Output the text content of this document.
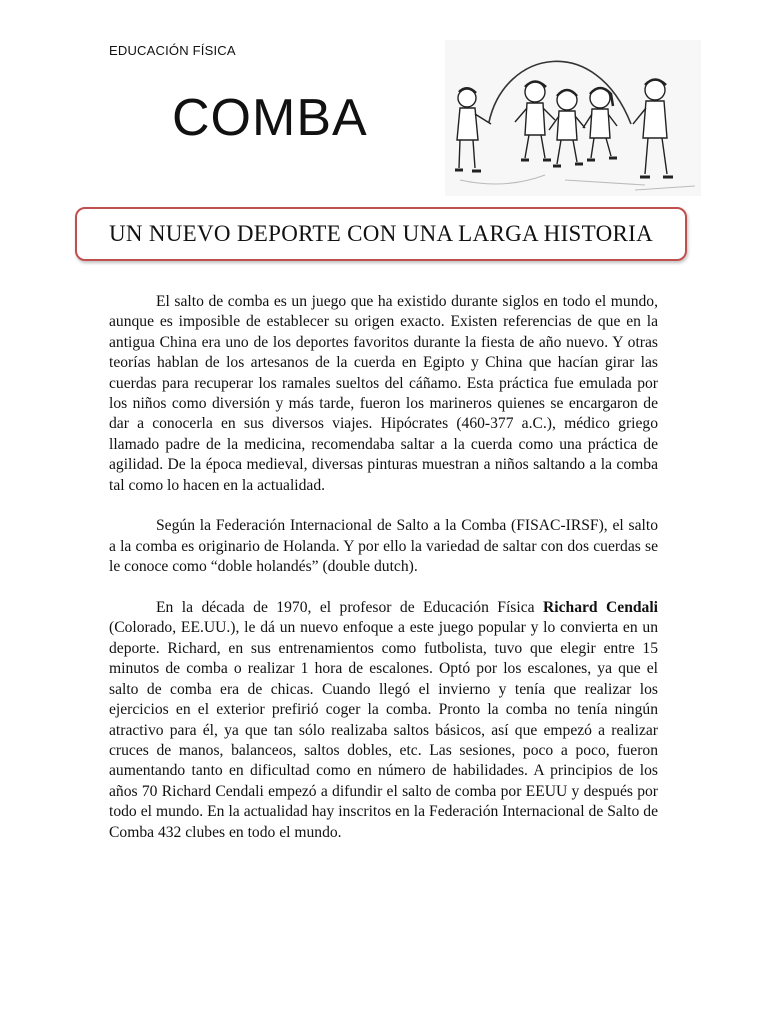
EDUCACIÓN FÍSICA
COMBA
UN NUEVO DEPORTE CON UNA LARGA HISTORIA

El salto de comba es un juego que ha existido durante siglos en todo el mundo, aunque es imposible de establecer su origen exacto. Existen referencias de que en la antigua China era uno de los deportes favoritos durante la fiesta de año nuevo. Y otras teorías hablan de los artesanos de la cuerda en Egipto y China que hacían girar las cuerdas para recuperar los ramales sueltos del cáñamo. Esta práctica fue emulada por los niños como diversión y más tarde, fueron los marineros quienes se encargaron de dar a conocerla en sus diversos viajes. Hipócrates (460-377 a.C.), médico griego llamado padre de la medicina, recomendaba saltar a la cuerda como una práctica de agilidad. De la época medieval, diversas pinturas muestran a niños saltando a la comba tal como lo hacen en la actualidad.

Según la Federación Internacional de Salto a la Comba (FISAC-IRSF), el salto a la comba es originario de Holanda. Y por ello la variedad de saltar con dos cuerdas se le conoce como “doble holandés” (double dutch).

En la década de 1970, el profesor de Educación Física Richard Cendali (Colorado, EE.UU.), le dá un nuevo enfoque a este juego popular y lo convierta en un deporte. Richard, en sus entrenamientos como futbolista, tuvo que elegir entre 15 minutos de comba o realizar 1 hora de escalones. Optó por los escalones, ya que el salto de comba era de chicas. Cuando llegó el invierno y tenía que realizar los ejercicios en el exterior prefirió coger la comba. Pronto la comba no tenía ningún atractivo para él, ya que tan sólo realizaba saltos básicos, así que empezó a realizar cruces de manos, balanceos, saltos dobles, etc. Las sesiones, poco a poco, fueron aumentando tanto en dificultad como en número de habilidades. A principios de los años 70 Richard Cendali empezó a difundir el salto de comba por EEUU y después por todo el mundo. En la actualidad hay inscritos en la Federación Internacional de Salto de Comba 432 clubes en todo el mundo.
